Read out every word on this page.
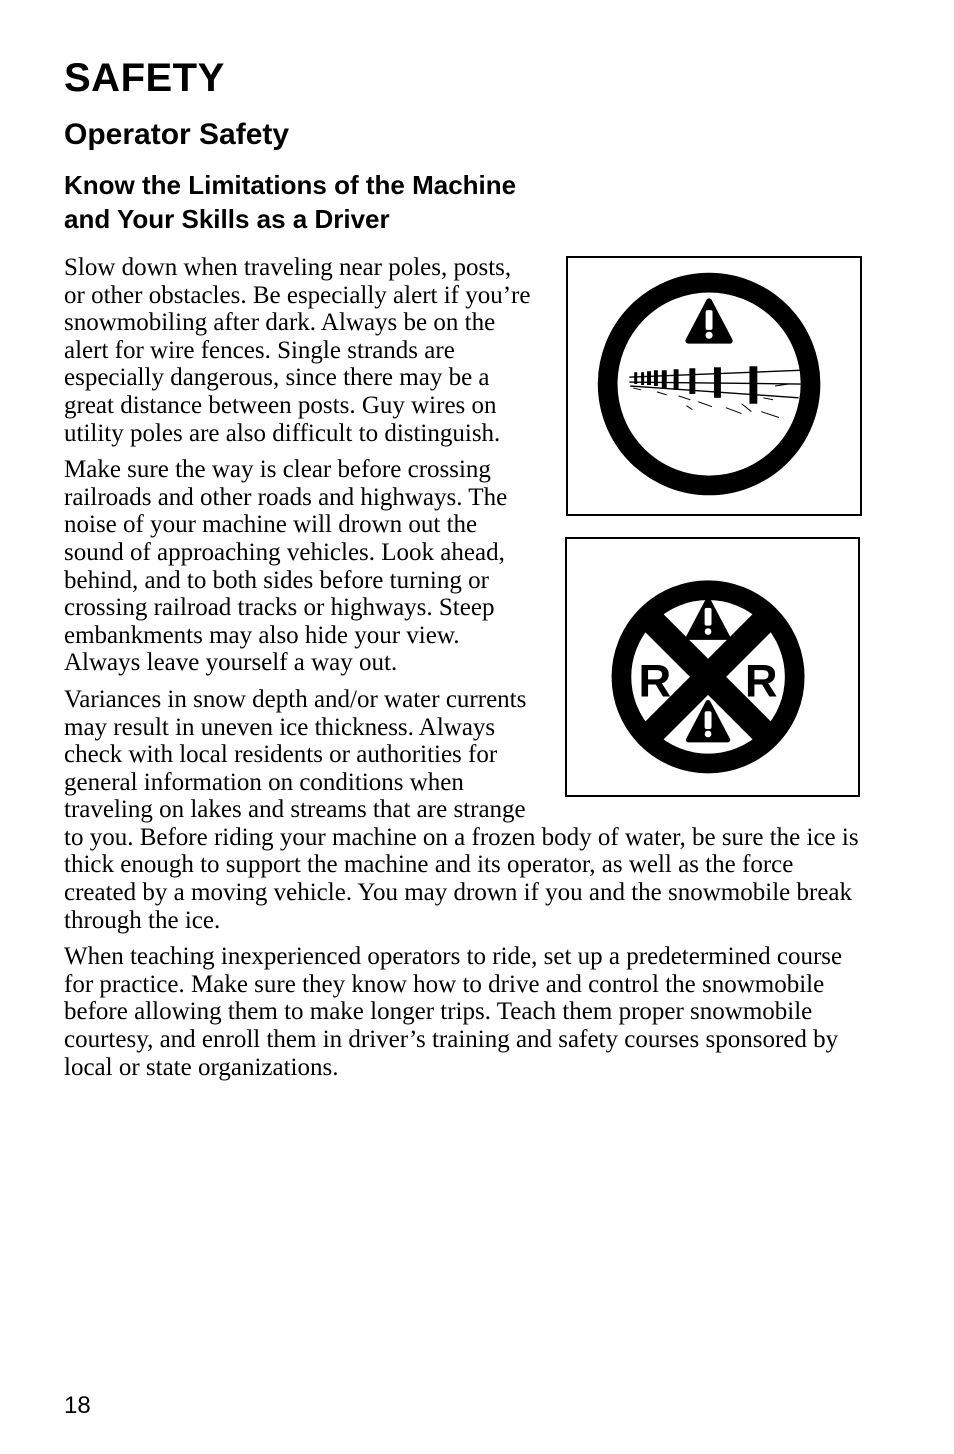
SAFETY
Operator Safety
Know the Limitations of the Machine
and Your Skills as a Driver

Slow down when traveling near poles, posts, or other obstacles. Be especially alert if you’re snowmobiling after dark. Always be on the alert for wire fences. Single strands are especially dangerous, since there may be a great distance between posts. Guy wires on utility poles are also difficult to distinguish.

Make sure the way is clear before crossing railroads and other roads and highways. The noise of your machine will drown out the sound of approaching vehicles. Look ahead, behind, and to both sides before turning or crossing railroad tracks or highways. Steep embankments may also hide your view. Always leave yourself a way out.

Variances in snow depth and/or water currents may result in uneven ice thickness. Always check with local residents or authorities for general information on conditions when traveling on lakes and streams that are strange to you. Before riding your machine on a frozen body of water, be sure the ice is thick enough to support the machine and its operator, as well as the force created by a moving vehicle. You may drown if you and the snowmobile break through the ice.

When teaching inexperienced operators to ride, set up a predetermined course for practice. Make sure they know how to drive and control the snowmobile before allowing them to make longer trips. Teach them proper snowmobile courtesy, and enroll them in driver’s training and safety courses sponsored by local or state organizations.

R R
18
